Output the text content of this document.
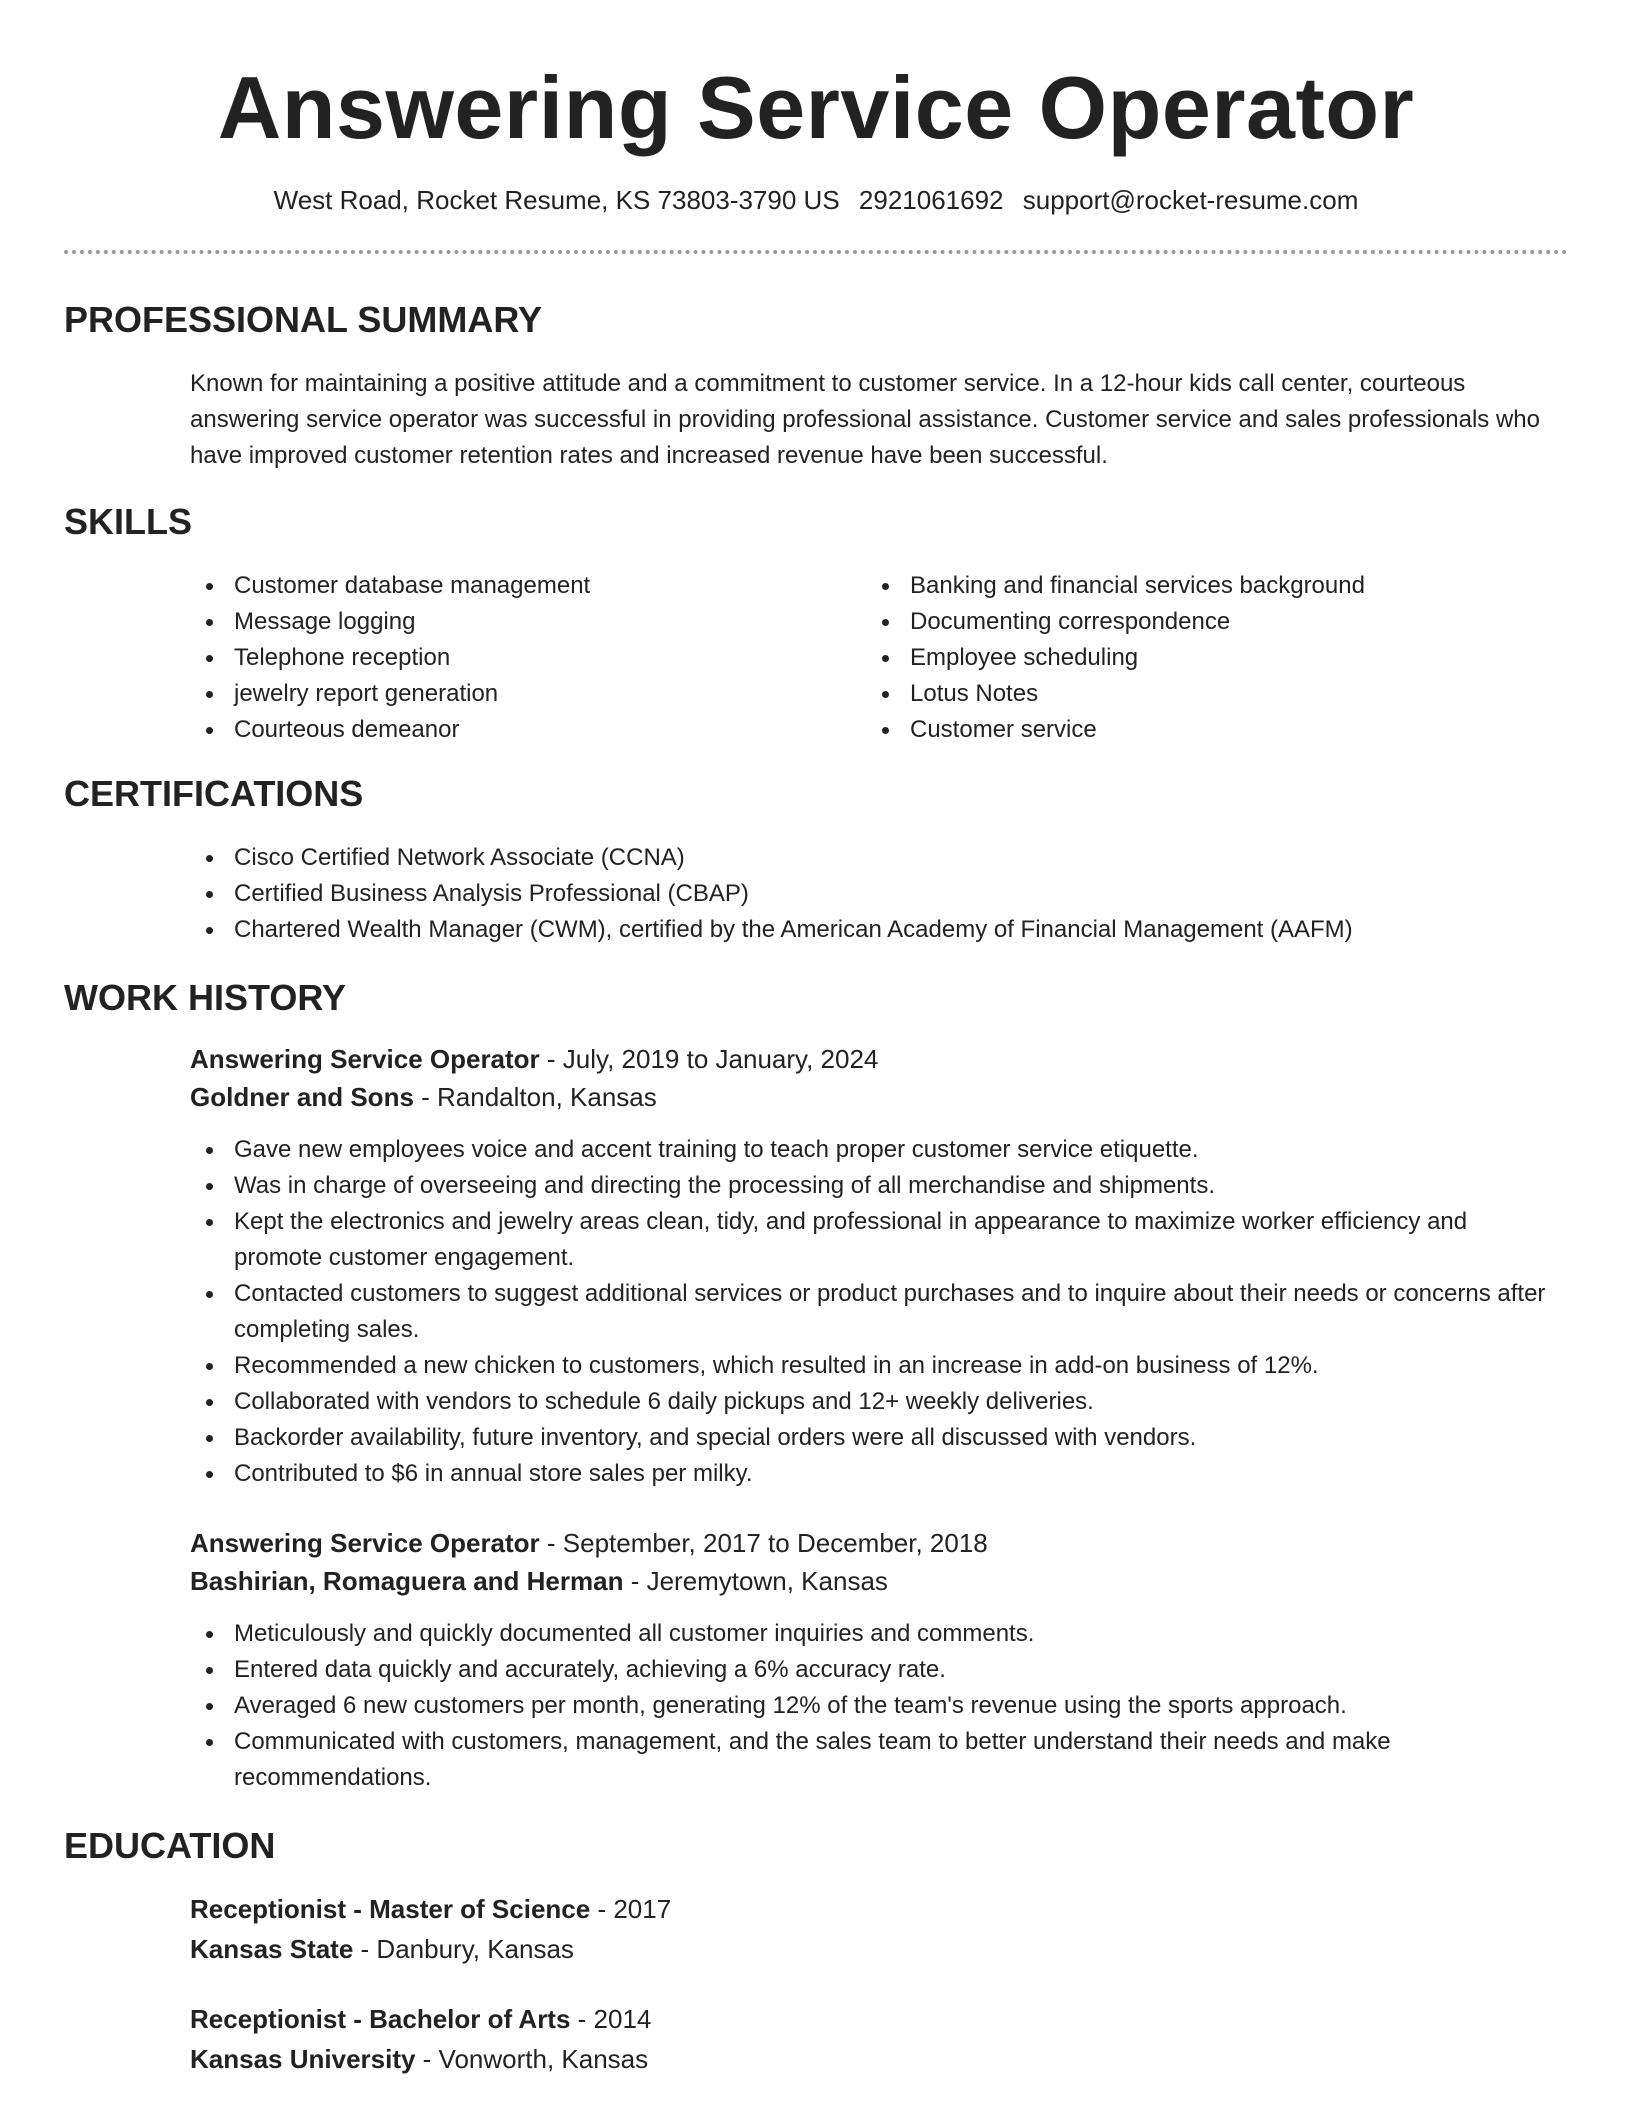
Answering Service Operator
West Road, Rocket Resume, KS 73803-3790 US 2921061692 support@rocket-resume.com
PROFESSIONAL SUMMARY

Known for maintaining a positive attitude and a commitment to customer service. In a 12-hour kids call center, courteous answering service operator was successful in providing professional assistance. Customer service and sales professionals who have improved customer retention rates and increased revenue have been successful.

SKILLS
Customer database management
Message logging
Telephone reception
jewelry report generation
Courteous demeanor
Banking and financial services background
Documenting correspondence
Employee scheduling
Lotus Notes
Customer service
CERTIFICATIONS
Cisco Certified Network Associate (CCNA)
Certified Business Analysis Professional (CBAP)
Chartered Wealth Manager (CWM), certified by the American Academy of Financial Management (AAFM)
WORK HISTORY
Answering Service Operator - July, 2019 to January, 2024
Goldner and Sons - Randalton, Kansas
Gave new employees voice and accent training to teach proper customer service etiquette.
Was in charge of overseeing and directing the processing of all merchandise and shipments.
Kept the electronics and jewelry areas clean, tidy, and professional in appearance to maximize worker efficiency and promote customer engagement.
Contacted customers to suggest additional services or product purchases and to inquire about their needs or concerns after completing sales.
Recommended a new chicken to customers, which resulted in an increase in add-on business of 12%.
Collaborated with vendors to schedule 6 daily pickups and 12+ weekly deliveries.
Backorder availability, future inventory, and special orders were all discussed with vendors.
Contributed to $6 in annual store sales per milky.
Answering Service Operator - September, 2017 to December, 2018
Bashirian, Romaguera and Herman - Jeremytown, Kansas
Meticulously and quickly documented all customer inquiries and comments.
Entered data quickly and accurately, achieving a 6% accuracy rate.
Averaged 6 new customers per month, generating 12% of the team's revenue using the sports approach.
Communicated with customers, management, and the sales team to better understand their needs and make recommendations.
EDUCATION
Receptionist - Master of Science - 2017
Kansas State - Danbury, Kansas
Receptionist - Bachelor of Arts - 2014
Kansas University - Vonworth, Kansas
